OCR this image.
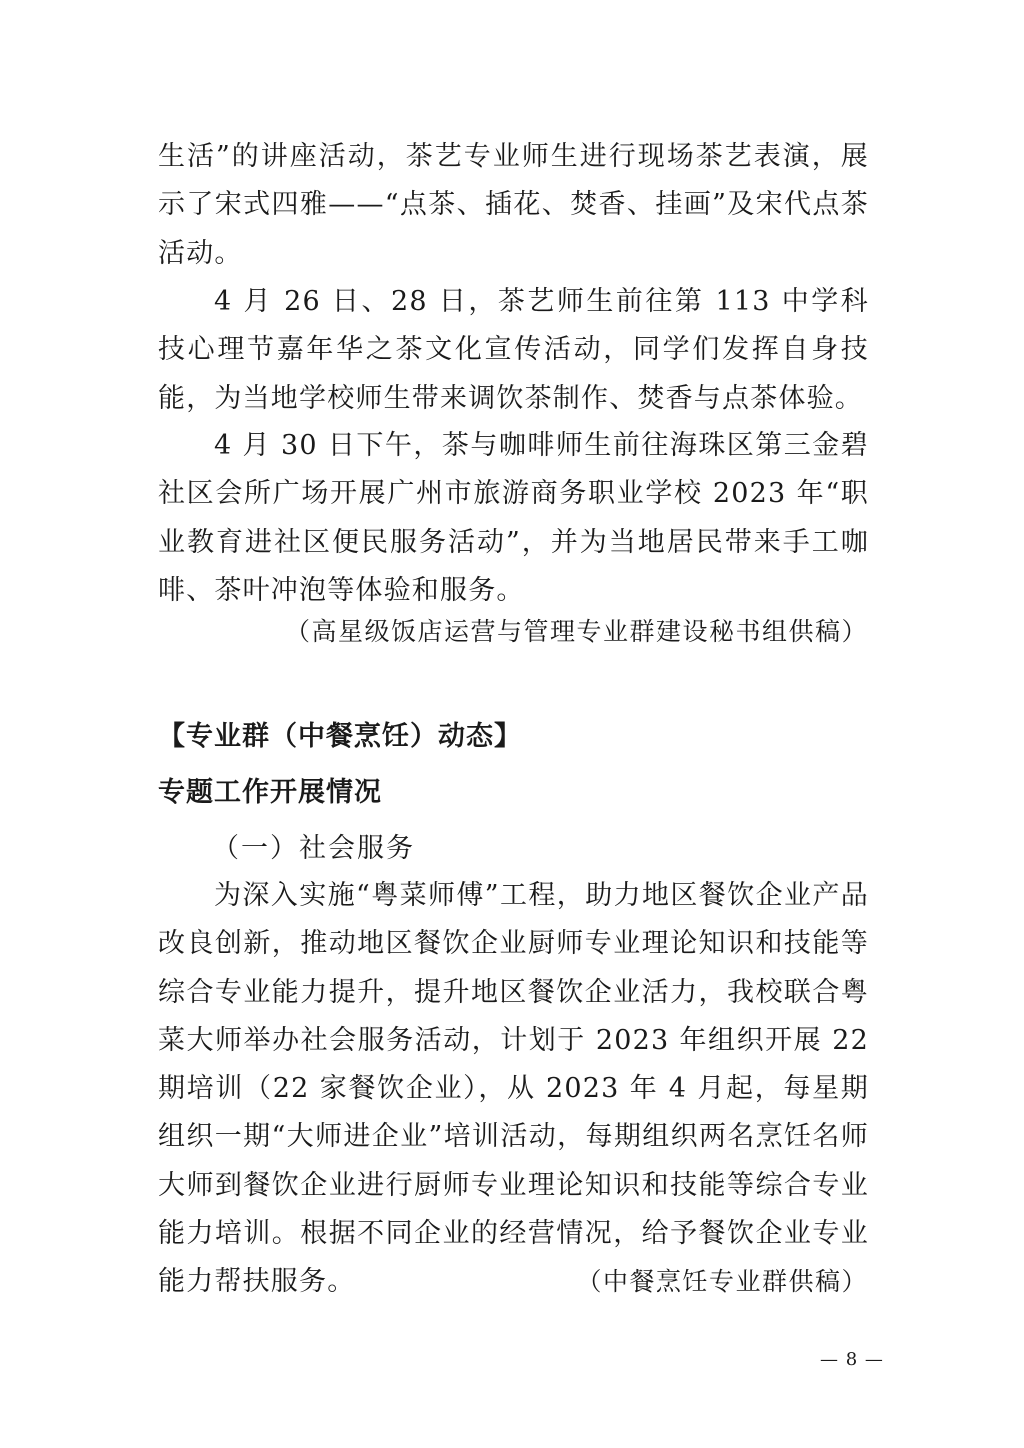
生活”的讲座活动，茶艺专业师生进行现场茶艺表演，展示了宋式四雅——“点茶、插花、焚香、挂画”及宋代点茶活动。

4 月 26 日、28 日，茶艺师生前往第 113 中学科技心理节嘉年华之茶文化宣传活动，同学们发挥自身技能，为当地学校师生带来调饮茶制作、焚香与点茶体验。

4 月 30 日下午，茶与咖啡师生前往海珠区第三金碧社区会所广场开展广州市旅游商务职业学校 2023 年“职业教育进社区便民服务活动”，并为当地居民带来手工咖啡、茶叶冲泡等体验和服务。

（高星级饭店运营与管理专业群建设秘书组供稿）

【专业群（中餐烹饪）动态】
专题工作开展情况

（一）社会服务

为深入实施“粤菜师傅”工程，助力地区餐饮企业产品改良创新，推动地区餐饮企业厨师专业理论知识和技能等综合专业能力提升，提升地区餐饮企业活力，我校联合粤菜大师举办社会服务活动，计划于 2023 年组织开展 22 期培训（22 家餐饮企业），从 2023 年 4 月起，每星期组织一期“大师进企业”培训活动，每期组织两名烹饪名师大师到餐饮企业进行厨师专业理论知识和技能等综合专业能力培训。根据不同企业的经营情况，给予餐饮企业专业能力帮扶服务。	（中餐烹饪专业群供稿）

— 8 —
